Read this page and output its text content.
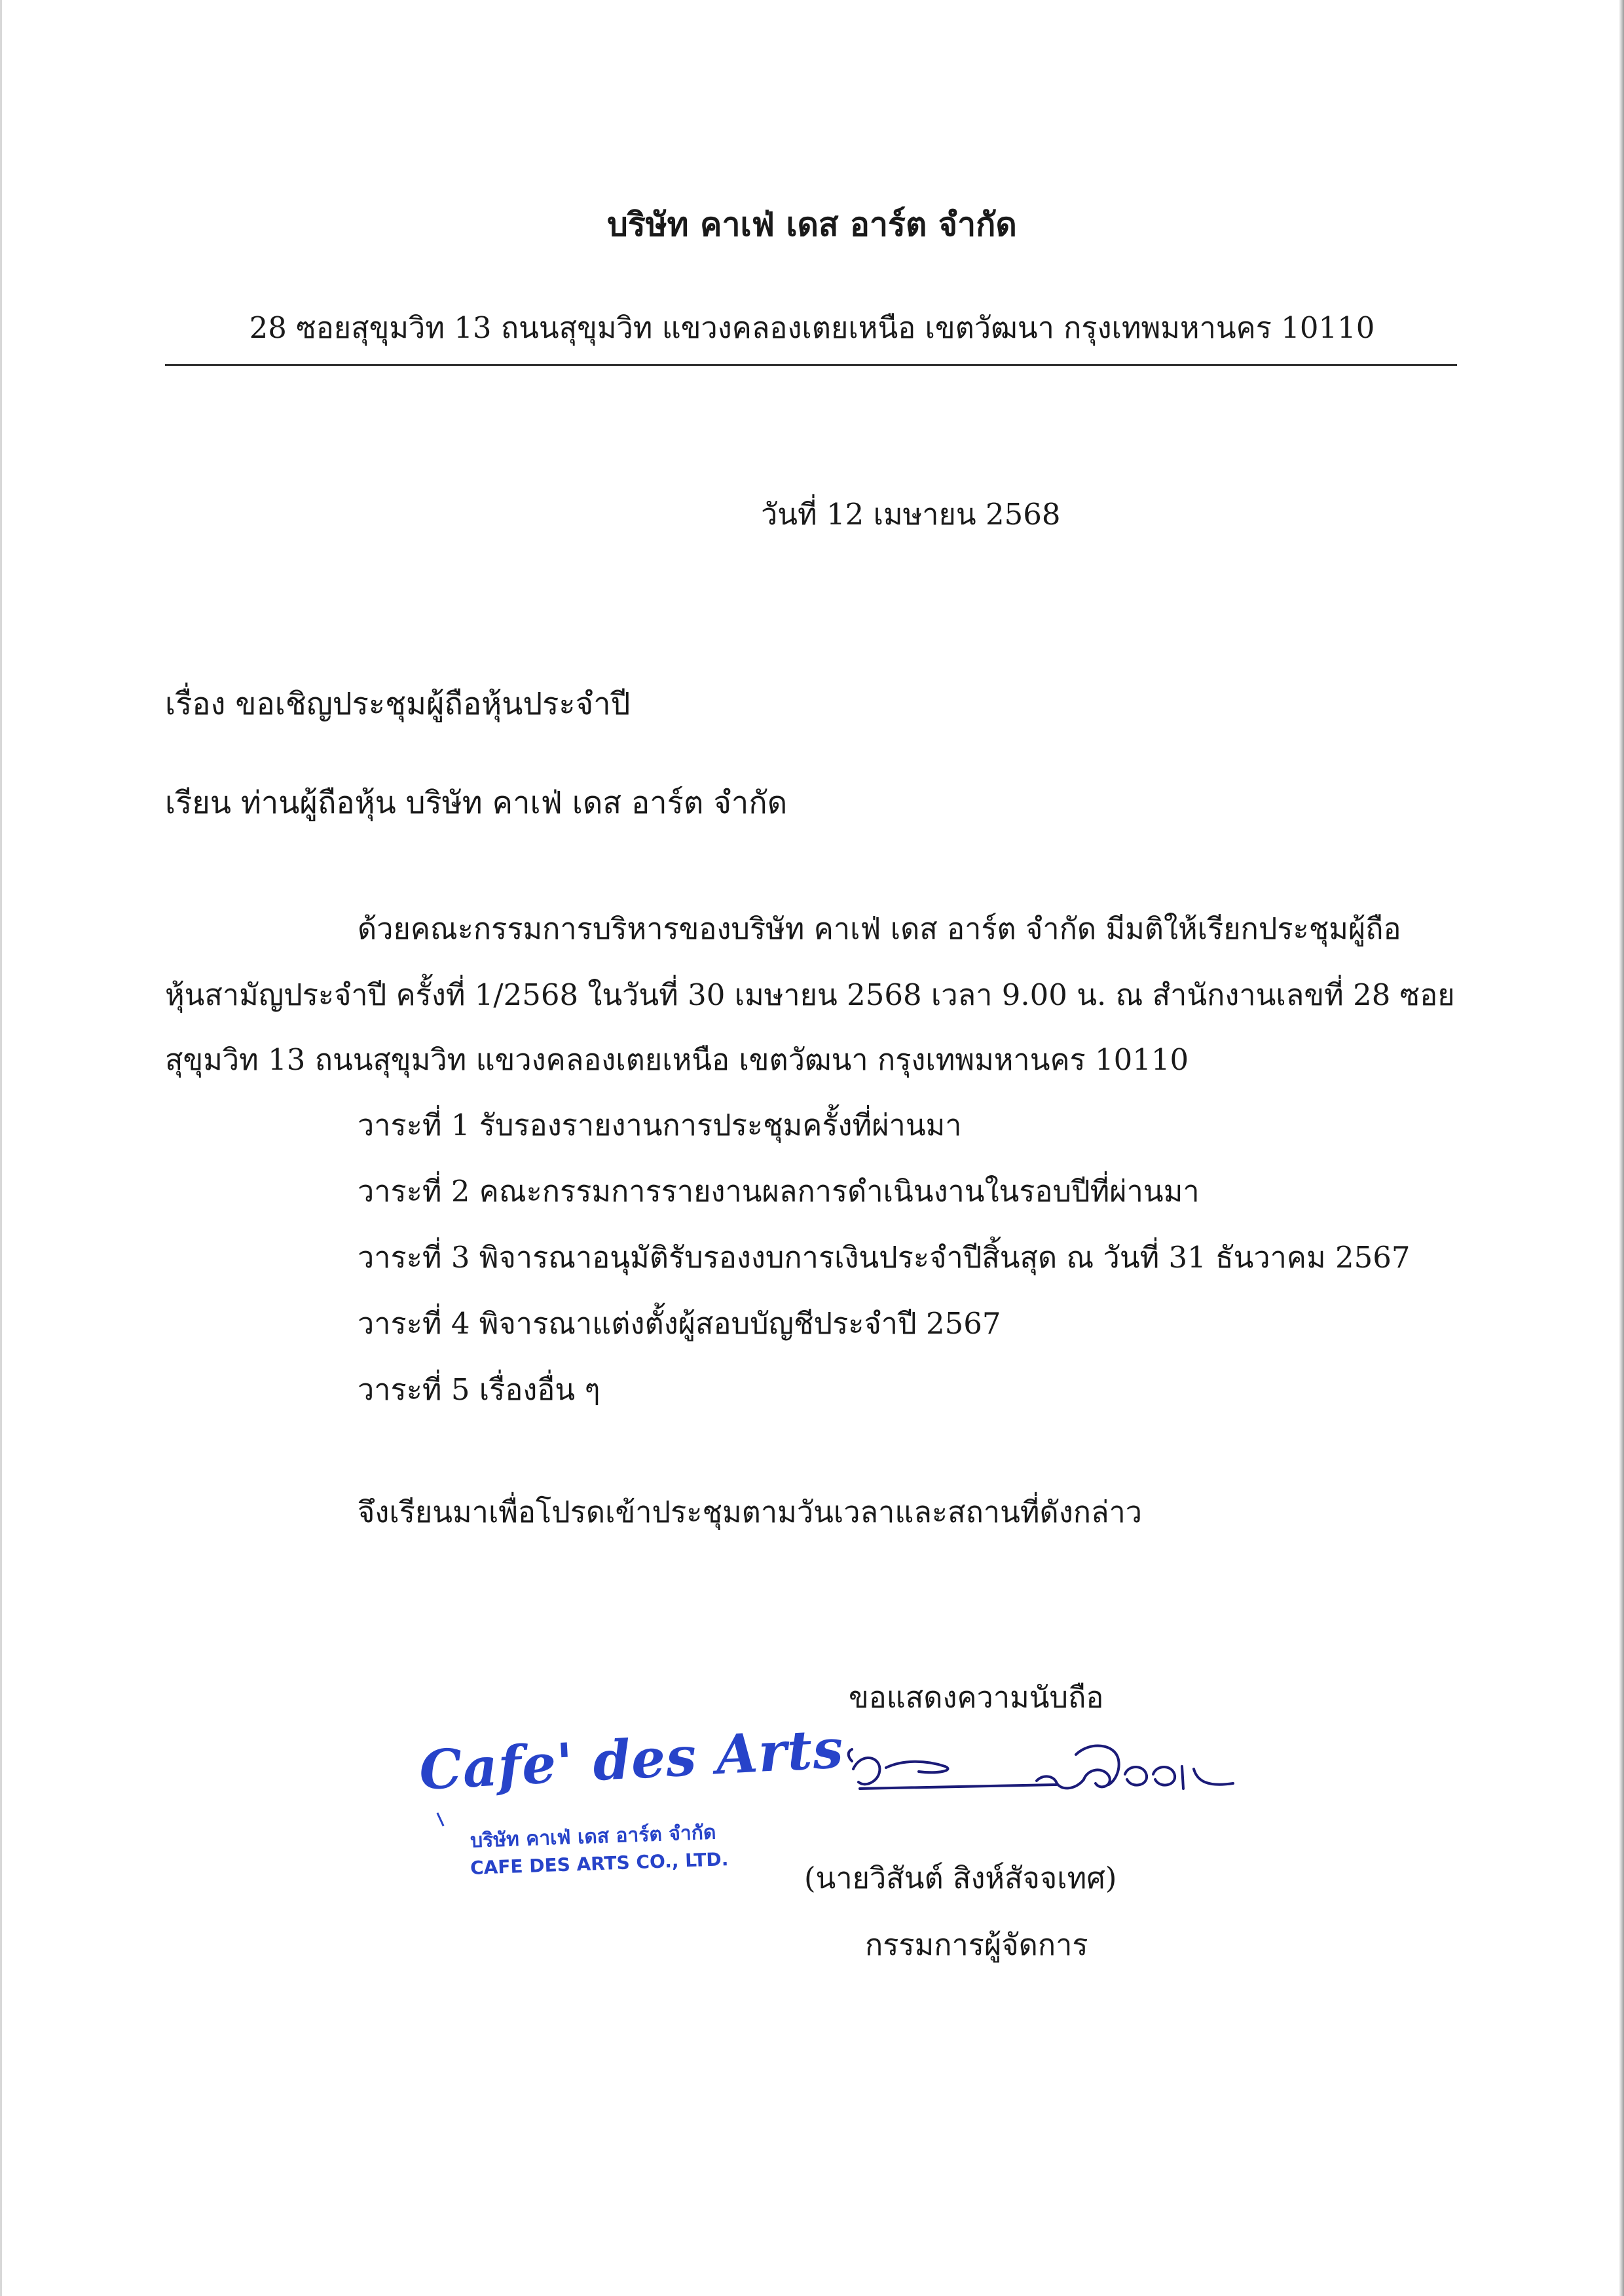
บริษัท คาเฟ่ เดส อาร์ต จำกัด
28 ซอยสุขุมวิท 13 ถนนสุขุมวิท แขวงคลองเตยเหนือ เขตวัฒนา กรุงเทพมหานคร 10110
วันที่ 12 เมษายน 2568
เรื่อง ขอเชิญประชุมผู้ถือหุ้นประจำปี
เรียน ท่านผู้ถือหุ้น บริษัท คาเฟ่ เดส อาร์ต จำกัด
ด้วยคณะกรรมการบริหารของบริษัท คาเฟ่ เดส อาร์ต จำกัด มีมติให้เรียกประชุมผู้ถือ
หุ้นสามัญประจำปี ครั้งที่ 1/2568 ในวันที่ 30 เมษายน 2568 เวลา 9.00 น. ณ สำนักงานเลขที่ 28 ซอย
สุขุมวิท 13 ถนนสุขุมวิท แขวงคลองเตยเหนือ เขตวัฒนา กรุงเทพมหานคร 10110
วาระที่ 1 รับรองรายงานการประชุมครั้งที่ผ่านมา
วาระที่ 2 คณะกรรมการรายงานผลการดำเนินงานในรอบปีที่ผ่านมา
วาระที่ 3 พิจารณาอนุมัติรับรองงบการเงินประจำปีสิ้นสุด ณ วันที่ 31 ธันวาคม 2567
วาระที่ 4 พิจารณาแต่งตั้งผู้สอบบัญชีประจำปี 2567
วาระที่ 5 เรื่องอื่น ๆ
จึงเรียนมาเพื่อโปรดเข้าประชุมตามวันเวลาและสถานที่ดังกล่าว
ขอแสดงความนับถือ
(นายวิสันต์ สิงห์สัจจเทศ)
กรรมการผู้จัดการ
Cafe' des Arts
บริษัท คาเฟ่ เดส อาร์ต จำกัด
CAFE DES ARTS CO., LTD.
